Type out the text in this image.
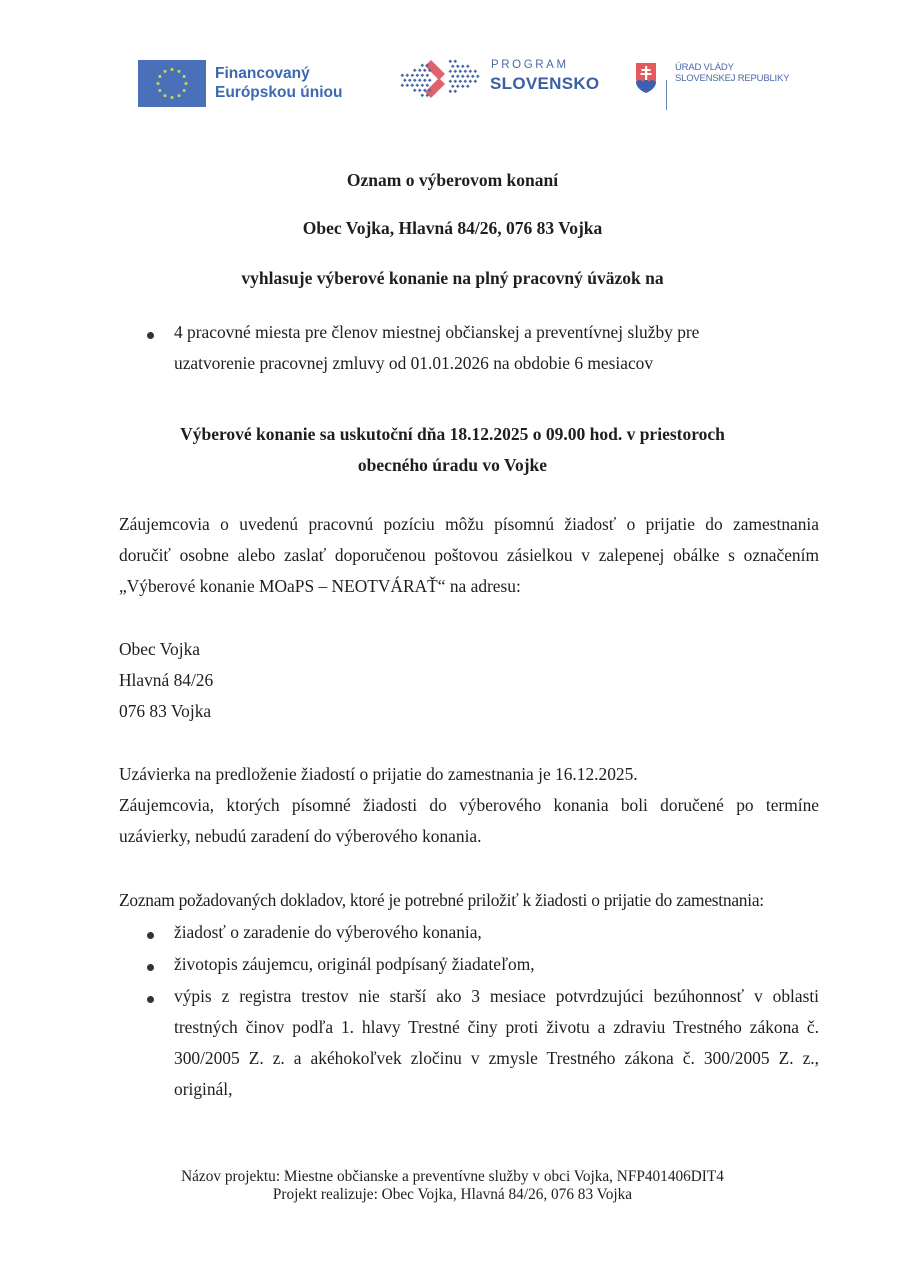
Financovaný
Európskou úniou
PROGRAM
SLOVENSKO
ÚRAD VLÁDY
SLOVENSKEJ REPUBLIKY
Oznam o výberovom konaní
Obec Vojka, Hlavná 84/26, 076 83 Vojka
vyhlasuje výberové konanie na plný pracovný úväzok na
4 pracovné miesta pre členov miestnej občianskej a preventívnej služby pre
uzatvorenie pracovnej zmluvy od 01.01.2026 na obdobie 6 mesiacov
Výberové konanie sa uskutoční dňa 18.12.2025 o 09.00 hod. v priestoroch
obecného úradu vo Vojke
Záujemcovia o uvedenú pracovnú pozíciu môžu písomnú žiadosť o prijatie do zamestnania
doručiť osobne alebo zaslať doporučenou poštovou zásielkou v zalepenej obálke s označením
„Výberové konanie MOaPS – NEOTVÁRAŤ“ na adresu:
Obec Vojka
Hlavná 84/26
076 83 Vojka
Uzávierka na predloženie žiadostí o prijatie do zamestnania je 16.12.2025.
Záujemcovia, ktorých písomné žiadosti do výberového konania boli doručené po termíne
uzávierky, nebudú zaradení do výberového konania.
Zoznam požadovaných dokladov, ktoré je potrebné priložiť k žiadosti o prijatie do zamestnania:
žiadosť o zaradenie do výberového konania,
životopis záujemcu, originál podpísaný žiadateľom,
výpis z registra trestov nie starší ako 3 mesiace potvrdzujúci bezúhonnosť v oblasti
trestných činov podľa 1. hlavy Trestné činy proti životu a zdraviu Trestného zákona č.
300/2005 Z. z. a akéhokoľvek zločinu v zmysle Trestného zákona č. 300/2005 Z. z.,
originál,
Názov projektu: Miestne občianske a preventívne služby v obci Vojka, NFP401406DIT4
Projekt realizuje: Obec Vojka, Hlavná 84/26, 076 83 Vojka
